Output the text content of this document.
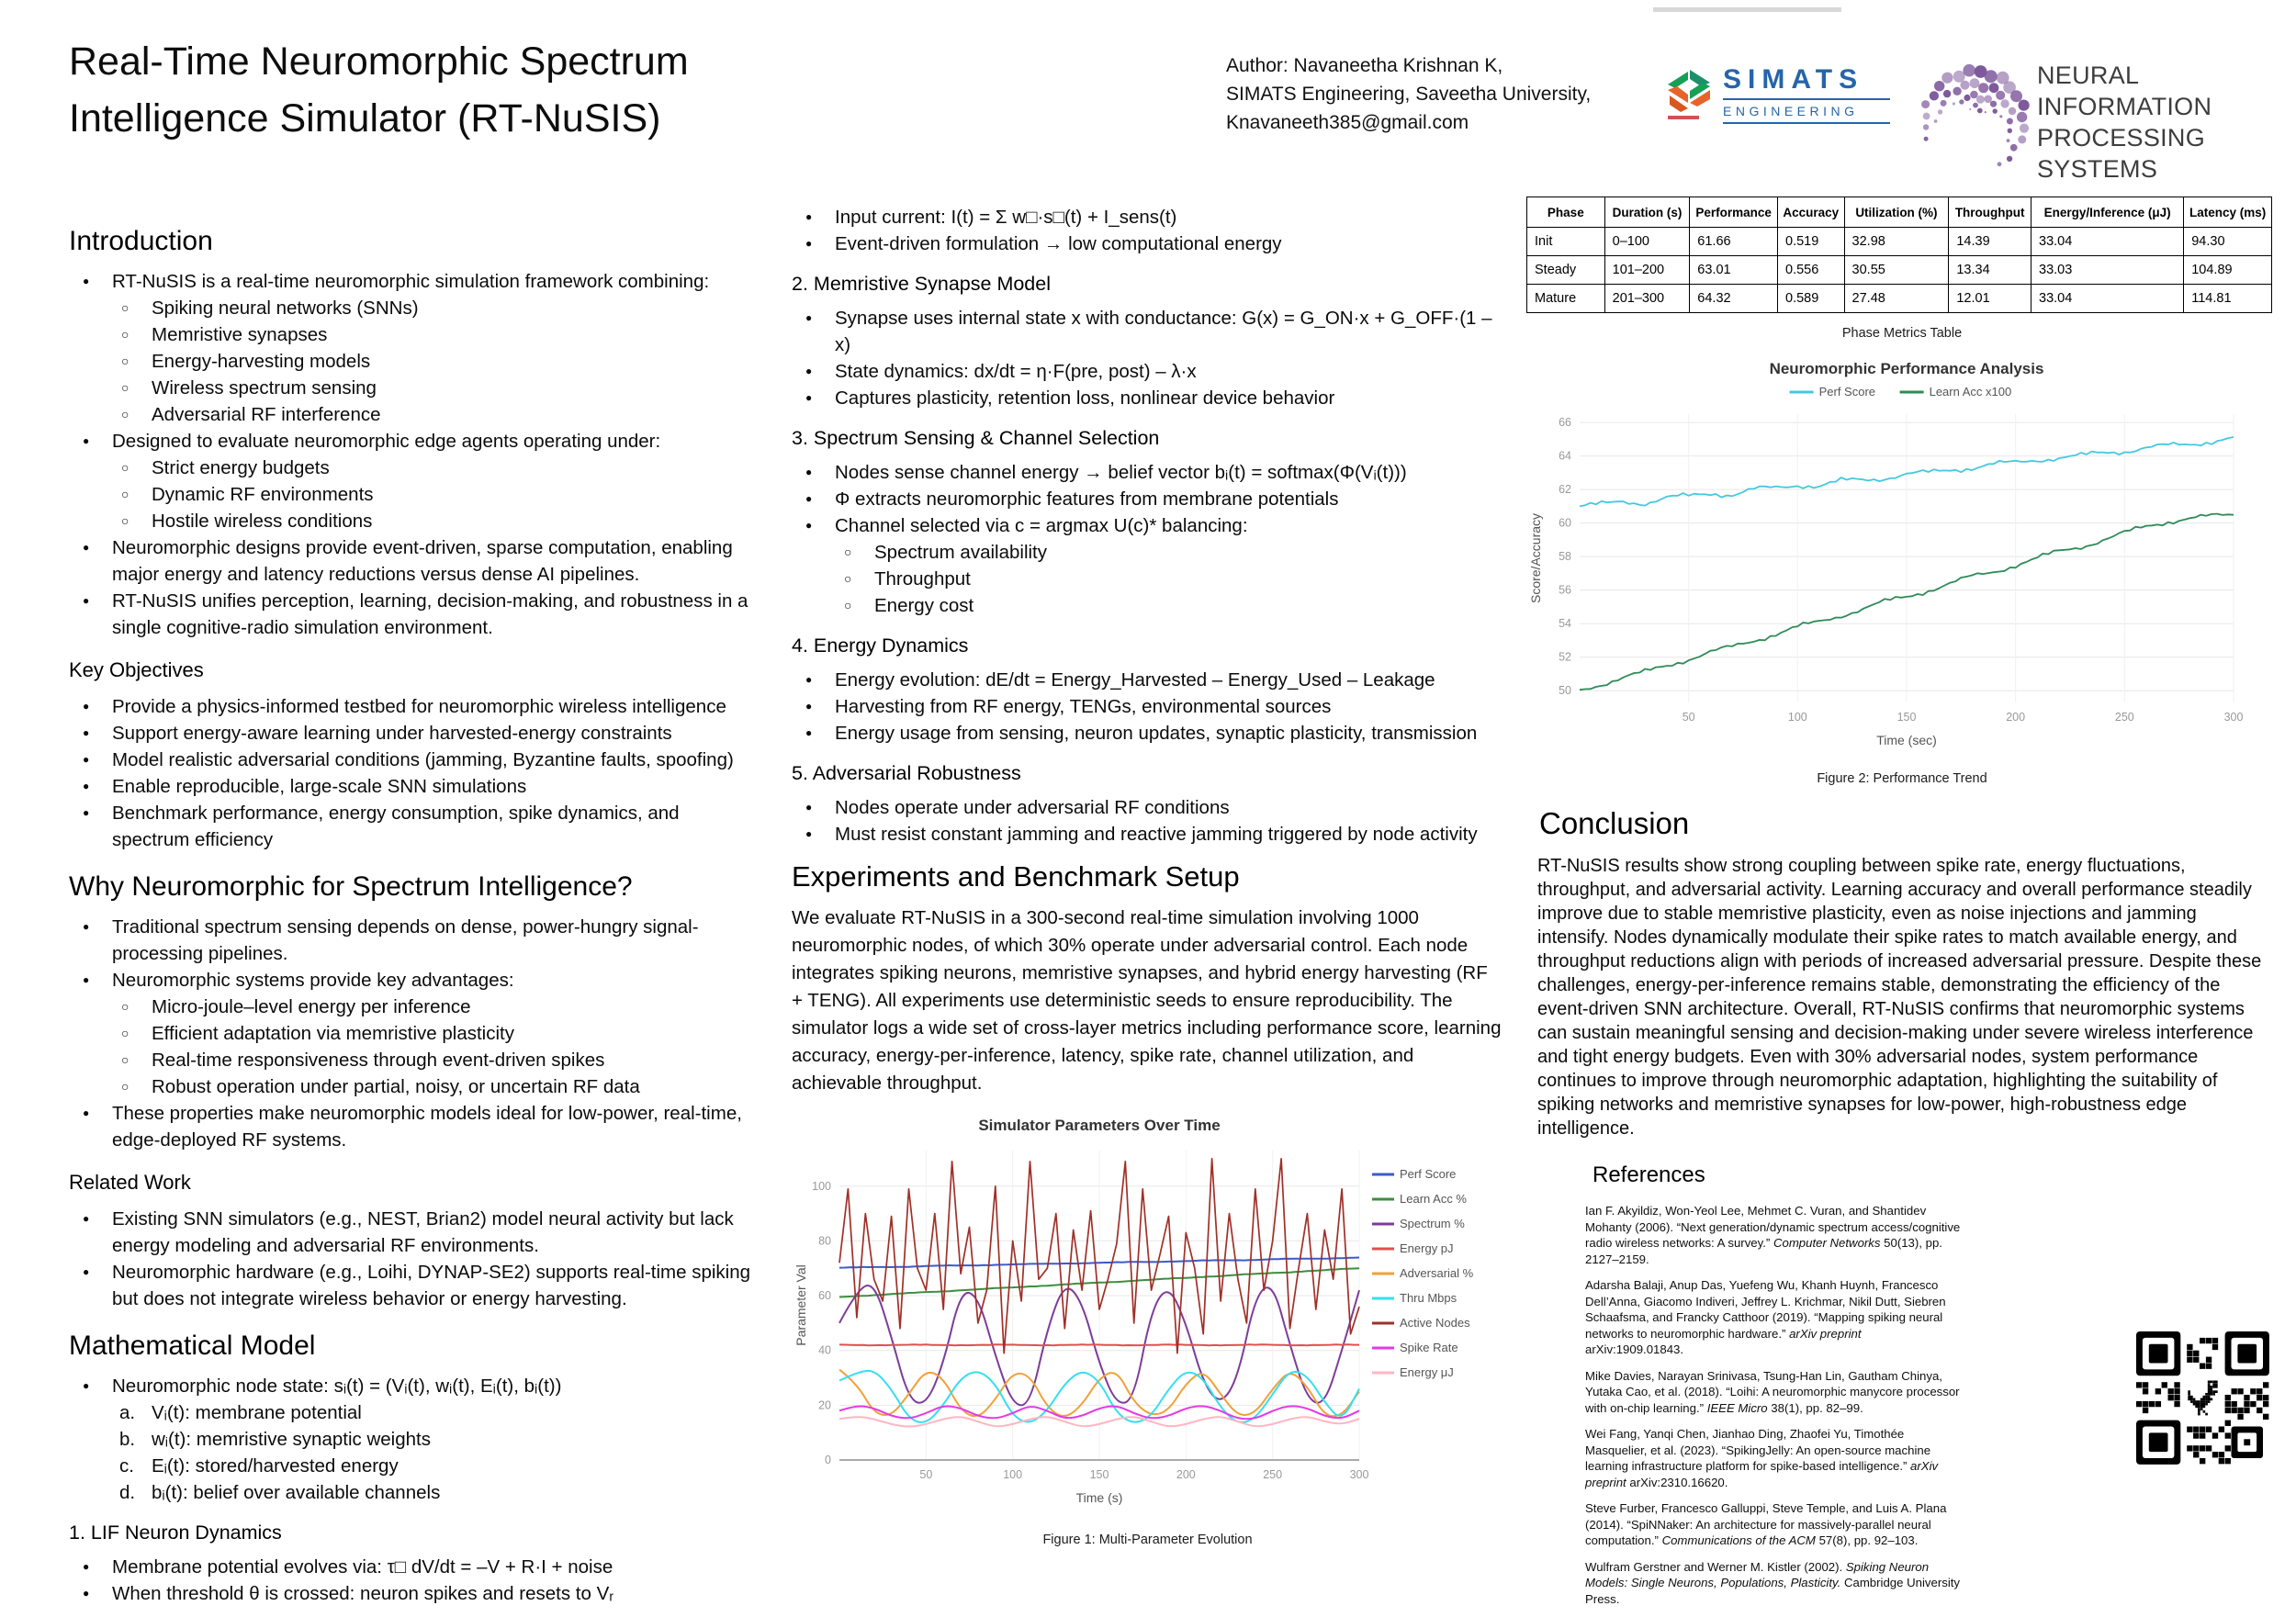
Real-Time Neuromorphic Spectrum
Intelligence Simulator (RT-NuSIS)
Author: Navaneetha Krishnan K,
SIMATS Engineering, Saveetha University,
Knavaneeth385@gmail.com
SIMATS
ENGINEERING
NEURAL INFORMATION
PROCESSING SYSTEMS
Introduction
● RT-NuSIS is a real-time neuromorphic simulation framework combining:
○ Spiking neural networks (SNNs)
○ Memristive synapses
○ Energy-harvesting models
○ Wireless spectrum sensing
○ Adversarial RF interference
● Designed to evaluate neuromorphic edge agents operating under:
○ Strict energy budgets
○ Dynamic RF environments
○ Hostile wireless conditions
● Neuromorphic designs provide event-driven, sparse computation, enabling major energy and latency reductions versus dense AI pipelines.
● RT-NuSIS unifies perception, learning, decision-making, and robustness in a single cognitive-radio simulation environment.
Key Objectives
● Provide a physics-informed testbed for neuromorphic wireless intelligence
● Support energy-aware learning under harvested-energy constraints
● Model realistic adversarial conditions (jamming, Byzantine faults, spoofing)
● Enable reproducible, large-scale SNN simulations
● Benchmark performance, energy consumption, spike dynamics, and spectrum efficiency
Why Neuromorphic for Spectrum Intelligence?
● Traditional spectrum sensing depends on dense, power-hungry signal-processing pipelines.
● Neuromorphic systems provide key advantages:
○ Micro-joule–level energy per inference
○ Efficient adaptation via memristive plasticity
○ Real-time responsiveness through event-driven spikes
○ Robust operation under partial, noisy, or uncertain RF data
● These properties make neuromorphic models ideal for low-power, real-time, edge-deployed RF systems.
Related Work
● Existing SNN simulators (e.g., NEST, Brian2) model neural activity but lack energy modeling and adversarial RF environments.
● Neuromorphic hardware (e.g., Loihi, DYNAP-SE2) supports real-time spiking but does not integrate wireless behavior or energy harvesting.
Mathematical Model
● Neuromorphic node state: sᵢ(t) = (Vᵢ(t), wᵢ(t), Eᵢ(t), bᵢ(t))
a. Vᵢ(t): membrane potential
b. wᵢ(t): memristive synaptic weights
c. Eᵢ(t): stored/harvested energy
d. bᵢ(t): belief over available channels
1. LIF Neuron Dynamics
● Membrane potential evolves via: τ□ dV/dt = –V + R·I + noise
● When threshold θ is crossed: neuron spikes and resets to Vᵣ
● Input current: I(t) = Σ w□·s□(t) + I_sens(t)
● Event-driven formulation → low computational energy
2. Memristive Synapse Model
● Synapse uses internal state x with conductance: G(x) = G_ON·x + G_OFF·(1 – x)
● State dynamics: dx/dt = η·F(pre, post) – λ·x
● Captures plasticity, retention loss, nonlinear device behavior
3. Spectrum Sensing & Channel Selection
● Nodes sense channel energy → belief vector bᵢ(t) = softmax(Φ(Vᵢ(t)))
● Φ extracts neuromorphic features from membrane potentials
● Channel selected via c = argmax U(c)* balancing:
○ Spectrum availability
○ Throughput
○ Energy cost
4. Energy Dynamics
● Energy evolution: dE/dt = Energy_Harvested – Energy_Used – Leakage
● Harvesting from RF energy, TENGs, environmental sources
● Energy usage from sensing, neuron updates, synaptic plasticity, transmission
5. Adversarial Robustness
● Nodes operate under adversarial RF conditions
● Must resist constant jamming and reactive jamming triggered by node activity
Experiments and Benchmark Setup
We evaluate RT-NuSIS in a 300-second real-time simulation involving 1000 neuromorphic nodes, of which 30% operate under adversarial control. Each node integrates spiking neurons, memristive synapses, and hybrid energy harvesting (RF + TENG). All experiments use deterministic seeds to ensure reproducibility. The simulator logs a wide set of cross-layer metrics including performance score, learning accuracy, energy-per-inference, latency, spike rate, channel utilization, and achievable throughput.
Simulator Parameters Over Time
0
20
40
60
80
100
50	100	150	200	250	300
Time (s)
Parameter Val
Perf Score
Learn Acc %
Spectrum %
Energy pJ
Adversarial %
Thru Mbps
Active Nodes
Spike Rate
Energy μJ
Figure 1: Multi-Parameter Evolution
Phase	Duration (s)	Performance	Accuracy	Utilization (%)	Throughput	Energy/Inference (μJ)	Latency (ms)
Init	0–100	61.66	0.519	32.98	14.39	33.04	94.30
Steady	101–200	63.01	0.556	30.55	13.34	33.03	104.89
Mature	201–300	64.32	0.589	27.48	12.01	33.04	114.81
Phase Metrics Table
Neuromorphic Performance Analysis
50
52
54
56
58
60
62
64
66
50	100	150	200	250	300
Time (sec)
Score/Accuracy
Perf Score	Learn Acc x100
Figure 2: Performance Trend
Conclusion
RT-NuSIS results show strong coupling between spike rate, energy fluctuations, throughput, and adversarial activity. Learning accuracy and overall performance steadily improve due to stable memristive plasticity, even as noise injections and jamming intensify. Nodes dynamically modulate their spike rates to match available energy, and throughput reductions align with periods of increased adversarial pressure. Despite these challenges, energy-per-inference remains stable, demonstrating the efficiency of the event-driven SNN architecture. Overall, RT-NuSIS confirms that neuromorphic systems can sustain meaningful sensing and decision-making under severe wireless interference and tight energy budgets. Even with 30% adversarial nodes, system performance continues to improve through neuromorphic adaptation, highlighting the suitability of spiking networks and memristive synapses for low-power, high-robustness edge intelligence.
References

Ian F. Akyildiz, Won-Yeol Lee, Mehmet C. Vuran, and Shantidev Mohanty (2006). “Next generation/dynamic spectrum access/cognitive radio wireless networks: A survey.” Computer Networks 50(13), pp. 2127–2159.

Adarsha Balaji, Anup Das, Yuefeng Wu, Khanh Huynh, Francesco Dell’Anna, Giacomo Indiveri, Jeffrey L. Krichmar, Nikil Dutt, Siebren Schaafsma, and Francky Catthoor (2019). “Mapping spiking neural networks to neuromorphic hardware.” arXiv preprint arXiv:1909.01843.

Mike Davies, Narayan Srinivasa, Tsung-Han Lin, Gautham Chinya, Yutaka Cao, et al. (2018). “Loihi: A neuromorphic manycore processor with on-chip learning.” IEEE Micro 38(1), pp. 82–99.

Wei Fang, Yanqi Chen, Jianhao Ding, Zhaofei Yu, Timothée Masquelier, et al. (2023). “SpikingJelly: An open-source machine learning infrastructure platform for spike-based intelligence.” arXiv preprint arXiv:2310.16620.

Steve Furber, Francesco Galluppi, Steve Temple, and Luis A. Plana (2014). “SpiNNaker: An architecture for massively-parallel neural computation.” Communications of the ACM 57(8), pp. 92–103.

Wulfram Gerstner and Werner M. Kistler (2002). Spiking Neuron Models: Single Neurons, Populations, Plasticity. Cambridge University Press.
